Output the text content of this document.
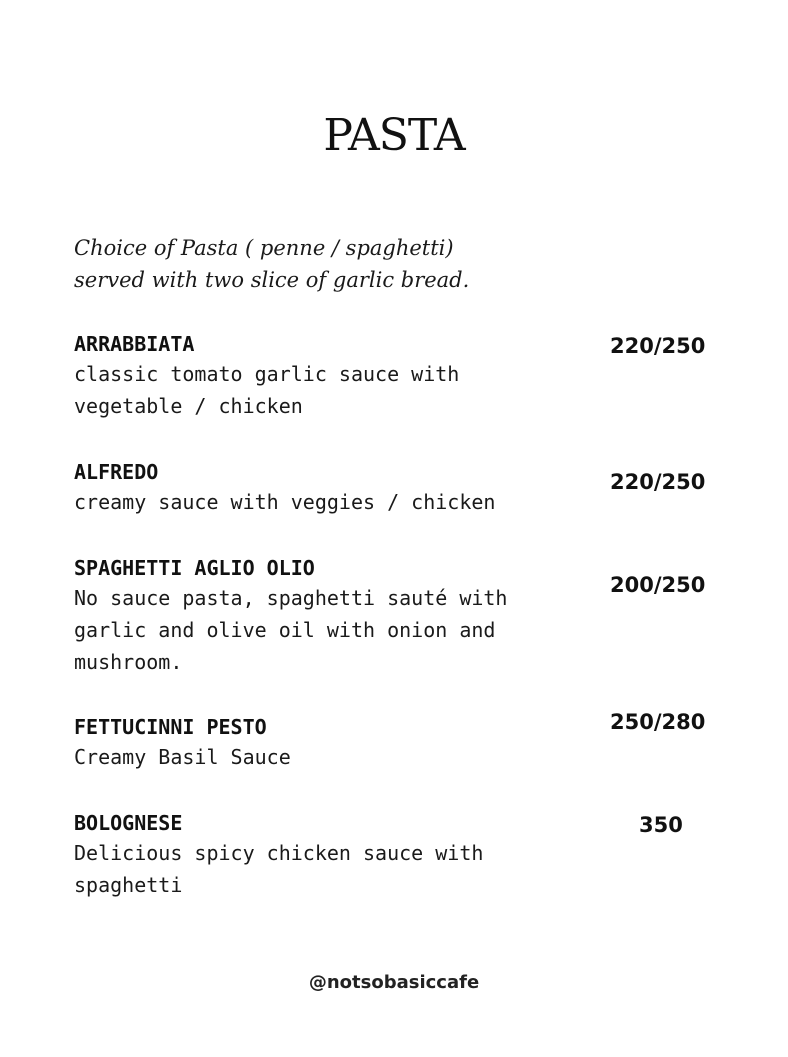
PASTA
Choice of Pasta ( penne / spaghetti)
served with two slice of garlic bread.
ARRABBIATA
classic tomato garlic sauce with
vegetable / chicken
220/250
ALFREDO
creamy sauce with veggies / chicken
220/250
SPAGHETTI AGLIO OLIO
No sauce pasta, spaghetti sauté with
garlic and olive oil with onion and
mushroom.
200/250
FETTUCINNI PESTO
Creamy Basil Sauce
250/280
BOLOGNESE
Delicious spicy chicken sauce with
spaghetti
350
@notsobasiccafe
